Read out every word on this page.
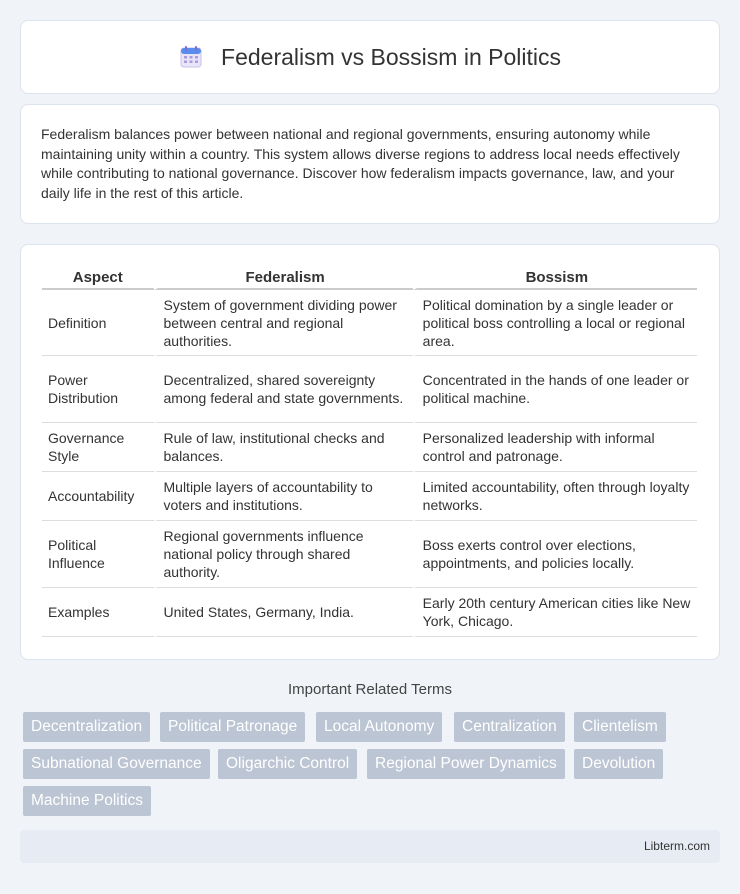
Federalism vs Bossism in Politics

Federalism balances power between national and regional governments, ensuring autonomy while maintaining unity within a country. This system allows diverse regions to address local needs effectively while contributing to national governance. Discover how federalism impacts governance, law, and your daily life in the rest of this article.

Aspect	Federalism	Bossism
Definition	System of government dividing power between central and regional authorities.	Political domination by a single leader or political boss controlling a local or regional area.
Power Distribution	Decentralized, shared sovereignty among federal and state governments.	Concentrated in the hands of one leader or political machine.
Governance Style	Rule of law, institutional checks and balances.	Personalized leadership with informal control and patronage.
Accountability	Multiple layers of accountability to voters and institutions.	Limited accountability, often through loyalty networks.
Political Influence	Regional governments influence national policy through shared authority.	Boss exerts control over elections, appointments, and policies locally.
Examples	United States, Germany, India.	Early 20th century American cities like New York, Chicago.
Important Related Terms
Decentralization	Political Patronage	Local Autonomy	Centralization	Clientelism
Subnational Governance	Oligarchic Control	Regional Power Dynamics	Devolution
Machine Politics
Libterm.com
